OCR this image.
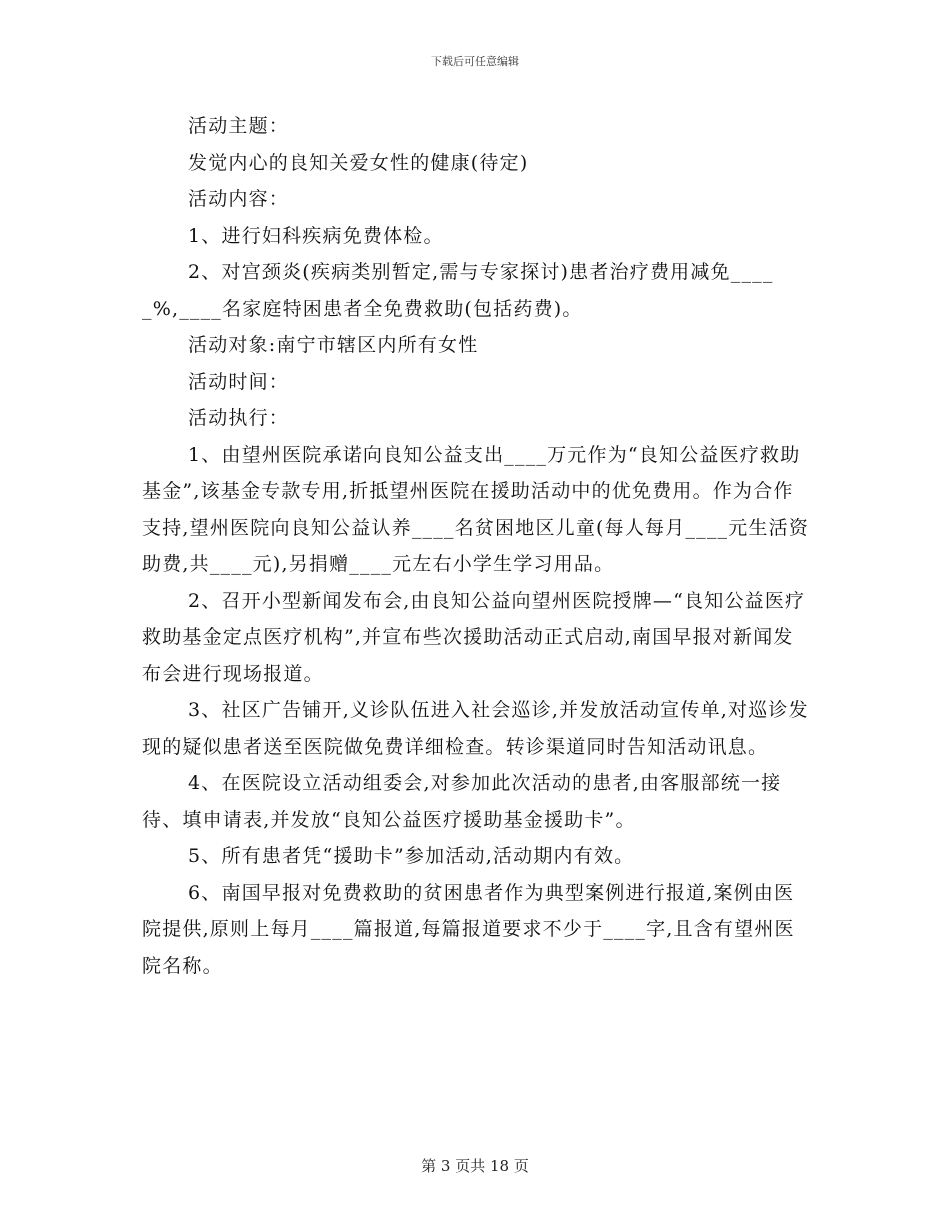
下载后可任意编辑

活动主题：

发觉内心的良知关爱女性的健康(待定)

活动内容：

1、进行妇科疾病免费体检。

2、对宫颈炎(疾病类别暂定,需与专家探讨)患者治疗费用减免_____%,____名家庭特困患者全免费救助(包括药费)。

活动对象:南宁市辖区内所有女性

活动时间：

活动执行：

1、由望州医院承诺向良知公益支出____万元作为“良知公益医疗救助基金”,该基金专款专用,折抵望州医院在援助活动中的优免费用。作为合作支持,望州医院向良知公益认养____名贫困地区儿童(每人每月____元生活资助费,共____元),另捐赠____元左右小学生学习用品。

2、召开小型新闻发布会,由良知公益向望州医院授牌—“良知公益医疗救助基金定点医疗机构”,并宣布些次援助活动正式启动,南国早报对新闻发布会进行现场报道。

3、社区广告铺开,义诊队伍进入社会巡诊,并发放活动宣传单,对巡诊发现的疑似患者送至医院做免费详细检查。转诊渠道同时告知活动讯息。

4、在医院设立活动组委会,对参加此次活动的患者,由客服部统一接待、填申请表,并发放“良知公益医疗援助基金援助卡”。

5、所有患者凭“援助卡”参加活动,活动期内有效。

6、南国早报对免费救助的贫困患者作为典型案例进行报道,案例由医院提供,原则上每月____篇报道,每篇报道要求不少于____字,且含有望州医院名称。

第 3 页共 18 页
